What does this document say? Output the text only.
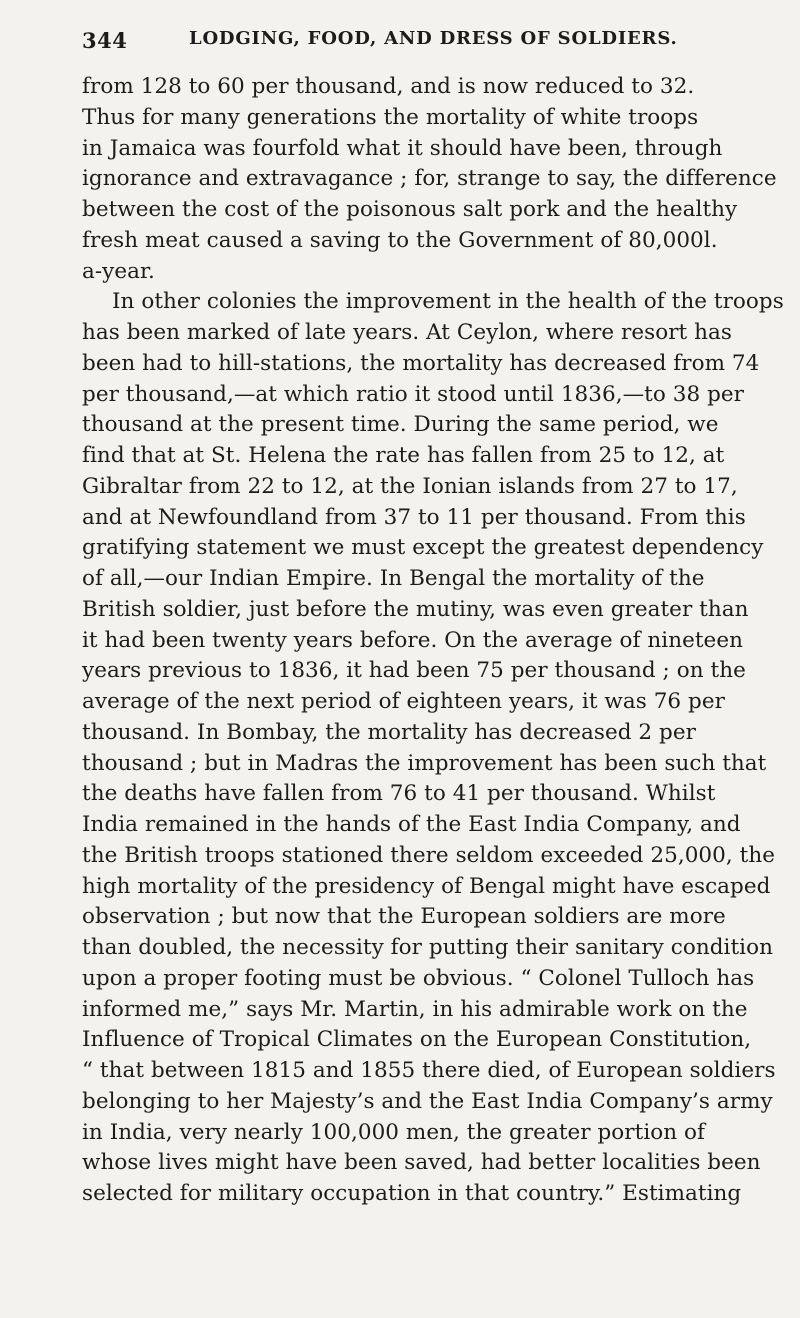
344	LODGING, FOOD, AND DRESS OF SOLDIERS.
from 128 to 60 per thousand, and is now reduced to 32.
Thus for many generations the mortality of white troops
in Jamaica was fourfold what it should have been, through
ignorance and extravagance ; for, strange to say, the difference
between the cost of the poisonous salt pork and the healthy
fresh meat caused a saving to the Government of 80,000l.
a-year.
In other colonies the improvement in the health of the troops
has been marked of late years. At Ceylon, where resort has
been had to hill-stations, the mortality has decreased from 74
per thousand,—at which ratio it stood until 1836,—to 38 per
thousand at the present time. During the same period, we
find that at St. Helena the rate has fallen from 25 to 12, at
Gibraltar from 22 to 12, at the Ionian islands from 27 to 17,
and at Newfoundland from 37 to 11 per thousand. From this
gratifying statement we must except the greatest dependency
of all,—our Indian Empire. In Bengal the mortality of the
British soldier, just before the mutiny, was even greater than
it had been twenty years before. On the average of nineteen
years previous to 1836, it had been 75 per thousand ; on the
average of the next period of eighteen years, it was 76 per
thousand. In Bombay, the mortality has decreased 2 per
thousand ; but in Madras the improvement has been such that
the deaths have fallen from 76 to 41 per thousand. Whilst
India remained in the hands of the East India Company, and
the British troops stationed there seldom exceeded 25,000, the
high mortality of the presidency of Bengal might have escaped
observation ; but now that the European soldiers are more
than doubled, the necessity for putting their sanitary condition
upon a proper footing must be obvious. “ Colonel Tulloch has
informed me,” says Mr. Martin, in his admirable work on the
Influence of Tropical Climates on the European Constitution,
“ that between 1815 and 1855 there died, of European soldiers
belonging to her Majesty’s and the East India Company’s army
in India, very nearly 100,000 men, the greater portion of
whose lives might have been saved, had better localities been
selected for military occupation in that country.” Estimating
